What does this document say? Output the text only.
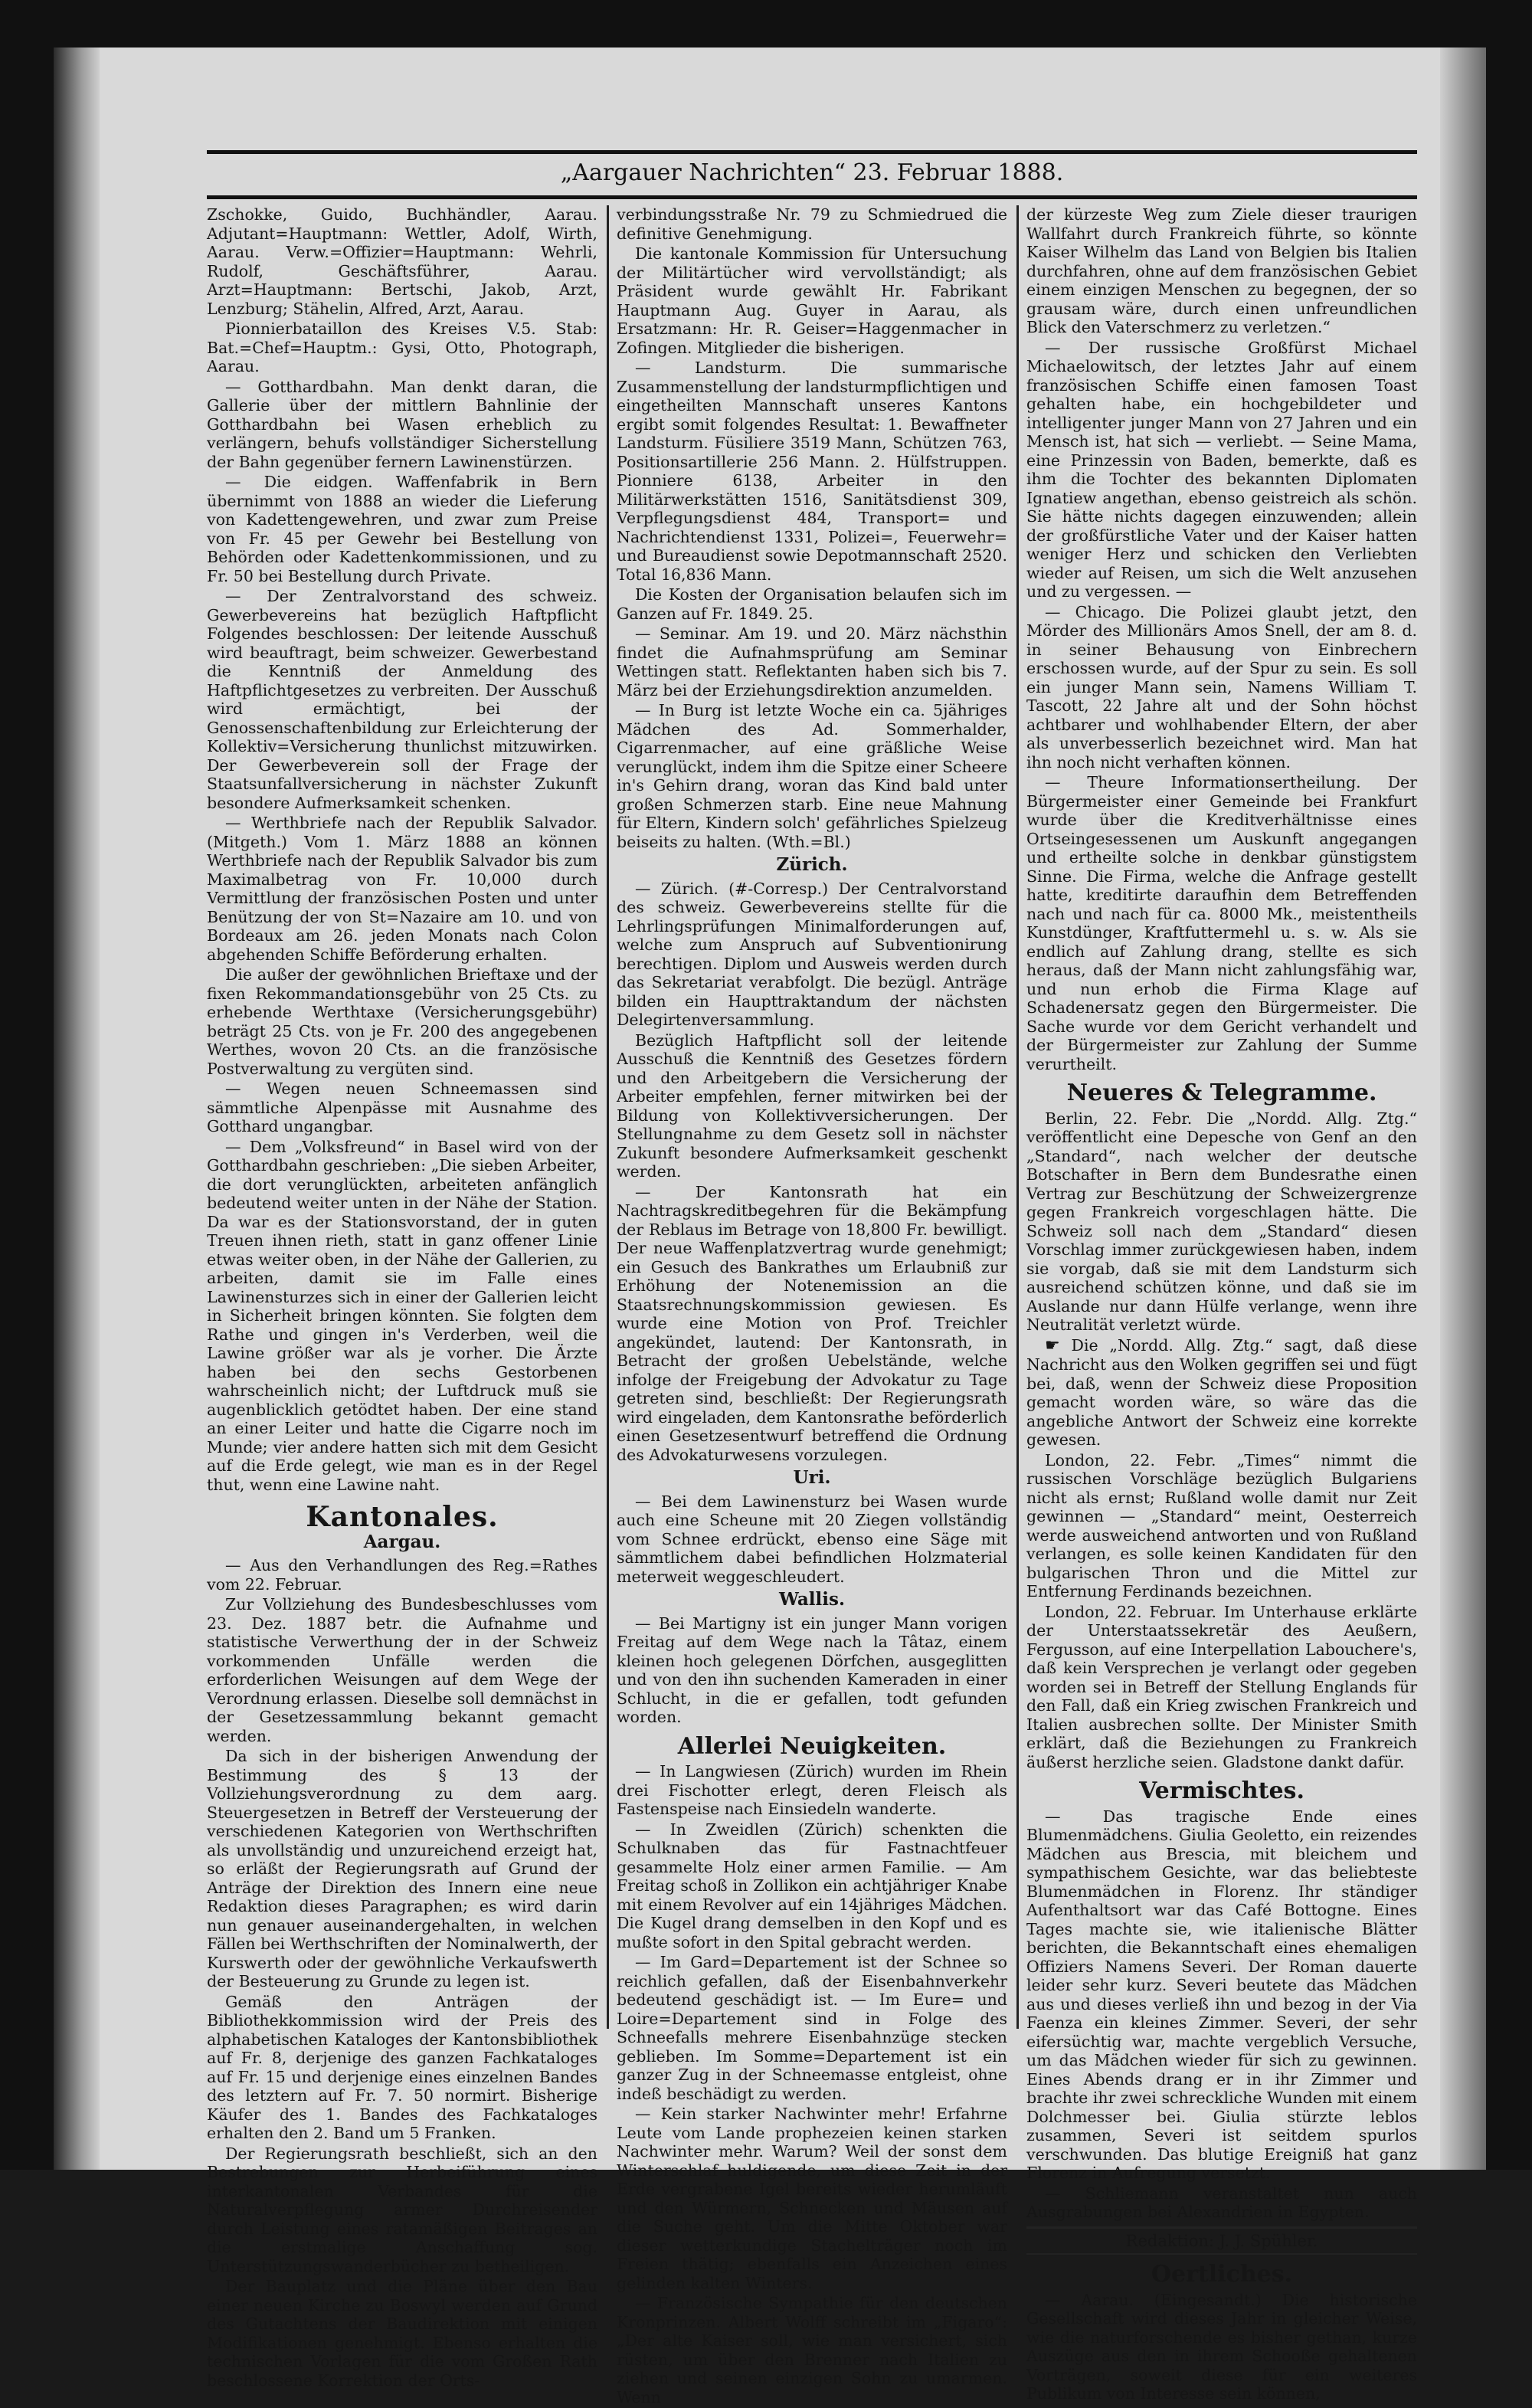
„Aargauer Nachrichten“ 23. Februar 1888.

Zschokke, Guido, Buchhändler, Aarau. Adjutant=Hauptmann: Wettler, Adolf, Wirth, Aarau. Verw.=Offizier=Hauptmann: Wehrli, Rudolf, Geschäftsführer, Aarau. Arzt=Hauptmann: Bertschi, Jakob, Arzt, Lenzburg; Stähelin, Alfred, Arzt, Aarau.

Pionnierbataillon des Kreises V.5. Stab: Bat.=Chef=Hauptm.: Gysi, Otto, Photograph, Aarau.

— Gotthardbahn. Man denkt daran, die Gallerie über der mittlern Bahnlinie der Gotthardbahn bei Wasen erheblich zu verlängern, behufs vollständiger Sicherstellung der Bahn gegenüber fernern Lawinenstürzen.

— Die eidgen. Waffenfabrik in Bern übernimmt von 1888 an wieder die Lieferung von Kadettengewehren, und zwar zum Preise von Fr. 45 per Gewehr bei Bestellung von Behörden oder Kadettenkommissionen, und zu Fr. 50 bei Bestellung durch Private.

— Der Zentralvorstand des schweiz. Gewerbevereins hat bezüglich Haftpflicht Folgendes beschlossen: Der leitende Ausschuß wird beauftragt, beim schweizer. Gewerbestand die Kenntniß der Anmeldung des Haftpflichtgesetzes zu verbreiten. Der Ausschuß wird ermächtigt, bei der Genossenschaftenbildung zur Erleichterung der Kollektiv=Versicherung thunlichst mitzuwirken. Der Gewerbeverein soll der Frage der Staatsunfallversicherung in nächster Zukunft besondere Aufmerksamkeit schenken.

— Werthbriefe nach der Republik Salvador. (Mitgeth.) Vom 1. März 1888 an können Werthbriefe nach der Republik Salvador bis zum Maximalbetrag von Fr. 10,000 durch Vermittlung der französischen Posten und unter Benützung der von St=Nazaire am 10. und von Bordeaux am 26. jeden Monats nach Colon abgehenden Schiffe Beförderung erhalten.

Die außer der gewöhnlichen Brieftaxe und der fixen Rekommandationsgebühr von 25 Cts. zu erhebende Werthtaxe (Versicherungsgebühr) beträgt 25 Cts. von je Fr. 200 des angegebenen Werthes, wovon 20 Cts. an die französische Postverwaltung zu vergüten sind.

— Wegen neuen Schneemassen sind sämmtliche Alpenpässe mit Ausnahme des Gotthard ungangbar.

— Dem „Volksfreund“ in Basel wird von der Gotthardbahn geschrieben: „Die sieben Arbeiter, die dort verunglückten, arbeiteten anfänglich bedeutend weiter unten in der Nähe der Station. Da war es der Stationsvorstand, der in guten Treuen ihnen rieth, statt in ganz offener Linie etwas weiter oben, in der Nähe der Gallerien, zu arbeiten, damit sie im Falle eines Lawinensturzes sich in einer der Gallerien leicht in Sicherheit bringen könnten. Sie folgten dem Rathe und gingen in's Verderben, weil die Lawine größer war als je vorher. Die Ärzte haben bei den sechs Gestorbenen wahrscheinlich nicht; der Luftdruck muß sie augenblicklich getödtet haben. Der eine stand an einer Leiter und hatte die Cigarre noch im Munde; vier andere hatten sich mit dem Gesicht auf die Erde gelegt, wie man es in der Regel thut, wenn eine Lawine naht.

Kantonales.
Aargau.

— Aus den Verhandlungen des Reg.=Rathes vom 22. Februar.

Zur Vollziehung des Bundesbeschlusses vom 23. Dez. 1887 betr. die Aufnahme und statistische Verwerthung der in der Schweiz vorkommenden Unfälle werden die erforderlichen Weisungen auf dem Wege der Verordnung erlassen. Dieselbe soll demnächst in der Gesetzessammlung bekannt gemacht werden.

Da sich in der bisherigen Anwendung der Bestimmung des § 13 der Vollziehungsverordnung zu dem aarg. Steuergesetzen in Betreff der Versteuerung der verschiedenen Kategorien von Werthschriften als unvollständig und unzureichend erzeigt hat, so erläßt der Regierungsrath auf Grund der Anträge der Direktion des Innern eine neue Redaktion dieses Paragraphen; es wird darin nun genauer auseinandergehalten, in welchen Fällen bei Werthschriften der Nominalwerth, der Kurswerth oder der gewöhnliche Verkaufswerth der Besteuerung zu Grunde zu legen ist.

Gemäß den Anträgen der Bibliothekkommission wird der Preis des alphabetischen Kataloges der Kantonsbibliothek auf Fr. 8, derjenige des ganzen Fachkataloges auf Fr. 15 und derjenige eines einzelnen Bandes des letztern auf Fr. 7. 50 normirt. Bisherige Käufer des 1. Bandes des Fachkataloges erhalten den 2. Band um 5 Franken.

Der Regierungsrath beschließt, sich an den Bestrebungen zur Herbeiführung eines interkantonalen Verbandes für die Naturalverpflegung armer Durchreisender durch Leistung eines ratamäßigen Beitrages an die erstmalige Anschaffung sog. Unterstützungswanderbücher zu betheiligen.

Der Bauplatz und die Pläne über den Bau einer neuen Kirche zu Boswyl werden auf Grund des Gutachtens der Baudirektion mit einigen Modifikationen genehmigt. Ebenso erhalten die technischen Vorlagen für die vom Großen Rath beschlossene Korrektion der Orts-

verbindungsstraße Nr. 79 zu Schmiedrued die definitive Genehmigung.

Die kantonale Kommission für Untersuchung der Militärtücher wird vervollständigt; als Präsident wurde gewählt Hr. Fabrikant Hauptmann Aug. Guyer in Aarau, als Ersatzmann: Hr. R. Geiser=Haggenmacher in Zofingen. Mitglieder die bisherigen.

— Landsturm. Die summarische Zusammenstellung der landsturmpflichtigen und eingetheilten Mannschaft unseres Kantons ergibt somit folgendes Resultat: 1. Bewaffneter Landsturm. Füsiliere 3519 Mann, Schützen 763, Positionsartillerie 256 Mann. 2. Hülfstruppen. Pionniere 6138, Arbeiter in den Militärwerkstätten 1516, Sanitätsdienst 309, Verpflegungsdienst 484, Transport= und Nachrichtendienst 1331, Polizei=, Feuerwehr= und Bureaudienst sowie Depotmannschaft 2520. Total 16,836 Mann.

Die Kosten der Organisation belaufen sich im Ganzen auf Fr. 1849. 25.

— Seminar. Am 19. und 20. März nächsthin findet die Aufnahmsprüfung am Seminar Wettingen statt. Reflektanten haben sich bis 7. März bei der Erziehungsdirektion anzumelden.

— In Burg ist letzte Woche ein ca. 5jähriges Mädchen des Ad. Sommerhalder, Cigarrenmacher, auf eine gräßliche Weise verunglückt, indem ihm die Spitze einer Scheere in's Gehirn drang, woran das Kind bald unter großen Schmerzen starb. Eine neue Mahnung für Eltern, Kindern solch' gefährliches Spielzeug beiseits zu halten. (Wth.=Bl.)

Zürich.

— Zürich. (#-Corresp.) Der Centralvorstand des schweiz. Gewerbevereins stellte für die Lehrlingsprüfungen Minimalforderungen auf, welche zum Anspruch auf Subventionirung berechtigen. Diplom und Ausweis werden durch das Sekretariat verabfolgt. Die bezügl. Anträge bilden ein Haupttraktandum der nächsten Delegirtenversammlung.

Bezüglich Haftpflicht soll der leitende Ausschuß die Kenntniß des Gesetzes fördern und den Arbeitgebern die Versicherung der Arbeiter empfehlen, ferner mitwirken bei der Bildung von Kollektivversicherungen. Der Stellungnahme zu dem Gesetz soll in nächster Zukunft besondere Aufmerksamkeit geschenkt werden.

— Der Kantonsrath hat ein Nachtragskreditbegehren für die Bekämpfung der Reblaus im Betrage von 18,800 Fr. bewilligt. Der neue Waffenplatzvertrag wurde genehmigt; ein Gesuch des Bankrathes um Erlaubniß zur Erhöhung der Notenemission an die Staatsrechnungskommission gewiesen. Es wurde eine Motion von Prof. Treichler angekündet, lautend: Der Kantonsrath, in Betracht der großen Uebelstände, welche infolge der Freigebung der Advokatur zu Tage getreten sind, beschließt: Der Regierungsrath wird eingeladen, dem Kantonsrathe beförderlich einen Gesetzesentwurf betreffend die Ordnung des Advokaturwesens vorzulegen.

Uri.

— Bei dem Lawinensturz bei Wasen wurde auch eine Scheune mit 20 Ziegen vollständig vom Schnee erdrückt, ebenso eine Säge mit sämmtlichem dabei befindlichen Holzmaterial meterweit weggeschleudert.

Wallis.

— Bei Martigny ist ein junger Mann vorigen Freitag auf dem Wege nach la Tâtaz, einem kleinen hoch gelegenen Dörfchen, ausgeglitten und von den ihn suchenden Kameraden in einer Schlucht, in die er gefallen, todt gefunden worden.

Allerlei Neuigkeiten.

— In Langwiesen (Zürich) wurden im Rhein drei Fischotter erlegt, deren Fleisch als Fastenspeise nach Einsiedeln wanderte.

— In Zweidlen (Zürich) schenkten die Schulknaben das für Fastnachtfeuer gesammelte Holz einer armen Familie. — Am Freitag schoß in Zollikon ein achtjähriger Knabe mit einem Revolver auf ein 14jähriges Mädchen. Die Kugel drang demselben in den Kopf und es mußte sofort in den Spital gebracht werden.

— Im Gard=Departement ist der Schnee so reichlich gefallen, daß der Eisenbahnverkehr bedeutend geschädigt ist. — Im Eure= und Loire=Departement sind in Folge des Schneefalls mehrere Eisenbahnzüge stecken geblieben. Im Somme=Departement ist ein ganzer Zug in der Schneemasse entgleist, ohne indeß beschädigt zu werden.

— Kein starker Nachwinter mehr! Erfahrne Leute vom Lande prophezeien keinen starken Nachwinter mehr. Warum? Weil der sonst dem Winterschlaf huldigende, um diese Zeit in der Erde vergrabene Igel bereits wieder herumläuft und den Würmern, Schnecken und Mäusen auf die Suche geht. Um die Mitte Oktober war dieser wetterkundige Stachelträger noch im Freien thätig; ebenfalls ein Anzeichen eines gelinden kalten Winters.

— Französische Sympathie für den deutschen Kronprinzen. Albert Wolff schreibt im „Figaro“: „Der alte Kaiser soll, wie man versichert, sich rüsten, um über den Brenner nach Italien zu ziehen und seinen einzigen Sohn zu umarmen. Wenn

der kürzeste Weg zum Ziele dieser traurigen Wallfahrt durch Frankreich führte, so könnte Kaiser Wilhelm das Land von Belgien bis Italien durchfahren, ohne auf dem französischen Gebiet einem einzigen Menschen zu begegnen, der so grausam wäre, durch einen unfreundlichen Blick den Vaterschmerz zu verletzen.“

— Der russische Großfürst Michael Michaelowitsch, der letztes Jahr auf einem französischen Schiffe einen famosen Toast gehalten habe, ein hochgebildeter und intelligenter junger Mann von 27 Jahren und ein Mensch ist, hat sich — verliebt. — Seine Mama, eine Prinzessin von Baden, bemerkte, daß es ihm die Tochter des bekannten Diplomaten Ignatiew angethan, ebenso geistreich als schön. Sie hätte nichts dagegen einzuwenden; allein der großfürstliche Vater und der Kaiser hatten weniger Herz und schicken den Verliebten wieder auf Reisen, um sich die Welt anzusehen und zu vergessen. —

— Chicago. Die Polizei glaubt jetzt, den Mörder des Millionärs Amos Snell, der am 8. d. in seiner Behausung von Einbrechern erschossen wurde, auf der Spur zu sein. Es soll ein junger Mann sein, Namens William T. Tascott, 22 Jahre alt und der Sohn höchst achtbarer und wohlhabender Eltern, der aber als unverbesserlich bezeichnet wird. Man hat ihn noch nicht verhaften können.

— Theure Informationsertheilung. Der Bürgermeister einer Gemeinde bei Frankfurt wurde über die Kreditverhältnisse eines Ortseingesessenen um Auskunft angegangen und ertheilte solche in denkbar günstigstem Sinne. Die Firma, welche die Anfrage gestellt hatte, kreditirte daraufhin dem Betreffenden nach und nach für ca. 8000 Mk., meistentheils Kunstdünger, Kraftfuttermehl u. s. w. Als sie endlich auf Zahlung drang, stellte es sich heraus, daß der Mann nicht zahlungsfähig war, und nun erhob die Firma Klage auf Schadenersatz gegen den Bürgermeister. Die Sache wurde vor dem Gericht verhandelt und der Bürgermeister zur Zahlung der Summe verurtheilt.

Neueres & Telegramme.

Berlin, 22. Febr. Die „Nordd. Allg. Ztg.“ veröffentlicht eine Depesche von Genf an den „Standard“, nach welcher der deutsche Botschafter in Bern dem Bundesrathe einen Vertrag zur Beschützung der Schweizergrenze gegen Frankreich vorgeschlagen hätte. Die Schweiz soll nach dem „Standard“ diesen Vorschlag immer zurückgewiesen haben, indem sie vorgab, daß sie mit dem Landsturm sich ausreichend schützen könne, und daß sie im Auslande nur dann Hülfe verlange, wenn ihre Neutralität verletzt würde.

☛ Die „Nordd. Allg. Ztg.“ sagt, daß diese Nachricht aus den Wolken gegriffen sei und fügt bei, daß, wenn der Schweiz diese Proposition gemacht worden wäre, so wäre das die angebliche Antwort der Schweiz eine korrekte gewesen.

London, 22. Febr. „Times“ nimmt die russischen Vorschläge bezüglich Bulgariens nicht als ernst; Rußland wolle damit nur Zeit gewinnen — „Standard“ meint, Oesterreich werde ausweichend antworten und von Rußland verlangen, es solle keinen Kandidaten für den bulgarischen Thron und die Mittel zur Entfernung Ferdinands bezeichnen.

London, 22. Februar. Im Unterhause erklärte der Unterstaatssekretär des Aeußern, Fergusson, auf eine Interpellation Labouchere's, daß kein Versprechen je verlangt oder gegeben worden sei in Betreff der Stellung Englands für den Fall, daß ein Krieg zwischen Frankreich und Italien ausbrechen sollte. Der Minister Smith erklärt, daß die Beziehungen zu Frankreich äußerst herzliche seien. Gladstone dankt dafür.

Vermischtes.

— Das tragische Ende eines Blumenmädchens. Giulia Geoletto, ein reizendes Mädchen aus Brescia, mit bleichem und sympathischem Gesichte, war das beliebteste Blumenmädchen in Florenz. Ihr ständiger Aufenthaltsort war das Café Bottogne. Eines Tages machte sie, wie italienische Blätter berichten, die Bekanntschaft eines ehemaligen Offiziers Namens Severi. Der Roman dauerte leider sehr kurz. Severi beutete das Mädchen aus und dieses verließ ihn und bezog in der Via Faenza ein kleines Zimmer. Severi, der sehr eifersüchtig war, machte vergeblich Versuche, um das Mädchen wieder für sich zu gewinnen. Eines Abends drang er in ihr Zimmer und brachte ihr zwei schreckliche Wunden mit einem Dolchmesser bei. Giulia stürzte leblos zusammen, Severi ist seitdem spurlos verschwunden. Das blutige Ereigniß hat ganz Florenz in Aufregung versetzt.

— Schliemann veranstaltet nun auch Ausgrabungen bei Alexandrien in Egypten.

Redaktion: J. J. Spühler.
Oertliches.

— Aarau. (Eingesandt.) Die historische Gesellschaft wird dieses Jahr in gleicher Weise, wie die naturforschende es bisher gethan, kurze Auszüge aus den in ihrem Schooße gehaltenen Vorträgen, soweit diese für ein weiteres Publikum von Interesse sein können,
